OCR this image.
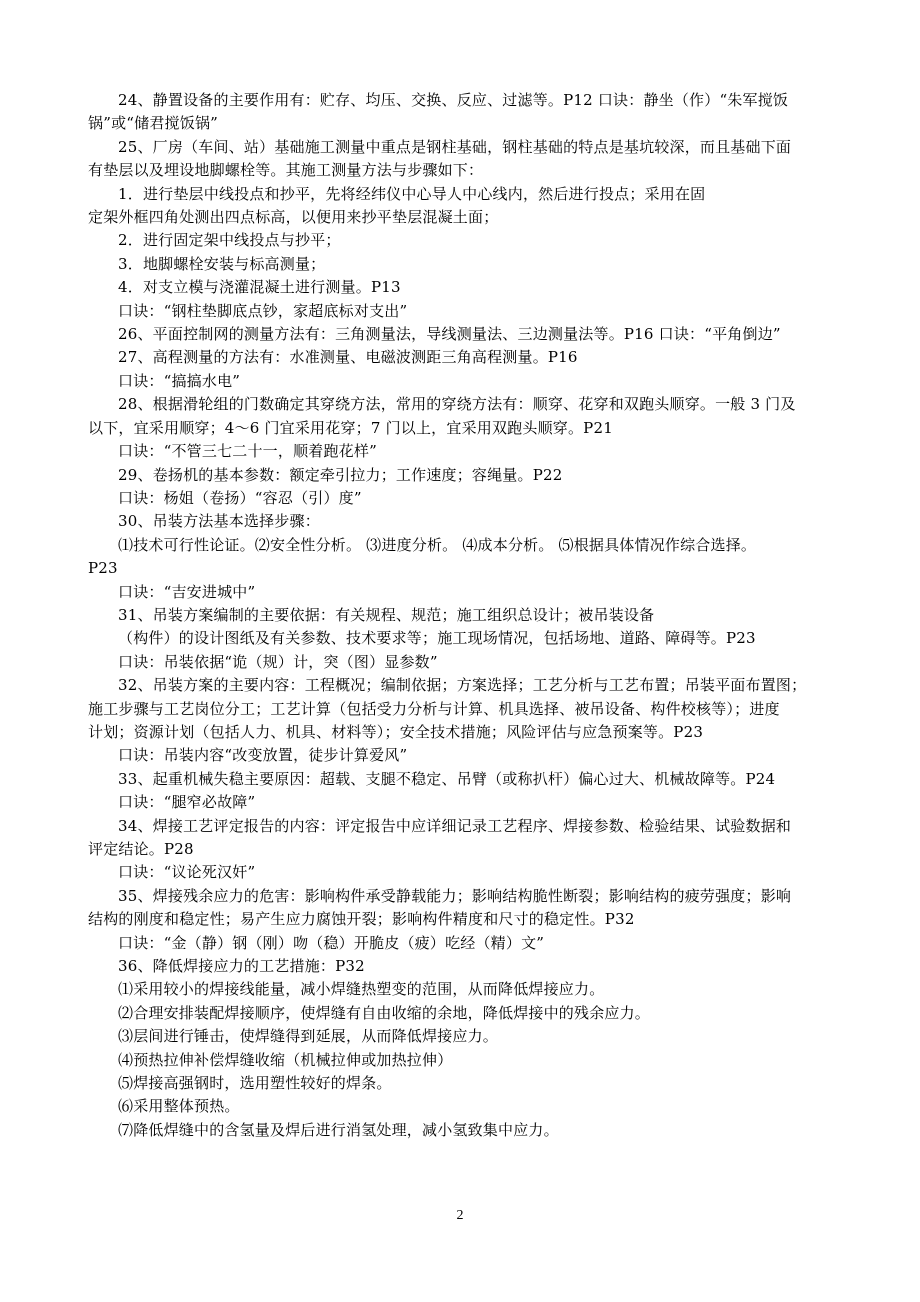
24、静置设备的主要作用有：贮存、均压、交换、反应、过滤等。P12 口诀：静坐（作）“朱军搅饭
锅”或“储君搅饭锅”
25、厂房（车间、站）基础施工测量中重点是钢柱基础，钢柱基础的特点是基坑较深，而且基础下面
有垫层以及埋设地脚螺栓等。其施工测量方法与步骤如下：
1．进行垫层中线投点和抄平，先将经纬仪中心导人中心线内，然后进行投点；采用在固
定架外框四角处测出四点标高，以便用来抄平垫层混凝土面；
2．进行固定架中线投点与抄平；
3．地脚螺栓安装与标高测量；
4．对支立模与浇灌混凝土进行测量。P13
口诀：“钢柱垫脚底点钞，家超底标对支出”
26、平面控制网的测量方法有：三角测量法，导线测量法、三边测量法等。P16 口诀：“平角倒边”
27、高程测量的方法有：水准测量、电磁波测距三角高程测量。P16
口诀：“搞搞水电”
28、根据滑轮组的门数确定其穿绕方法，常用的穿绕方法有：顺穿、花穿和双跑头顺穿。一般 3 门及
以下，宜采用顺穿；4～6 门宜采用花穿；7 门以上，宜采用双跑头顺穿。P21
口诀：“不管三七二十一，顺着跑花样”
29、卷扬机的基本参数：额定牵引拉力；工作速度；容绳量。P22
口诀：杨姐（卷扬）“容忍（引）度”
30、吊装方法基本选择步骤：
⑴技术可行性论证。⑵安全性分析。 ⑶进度分析。 ⑷成本分析。 ⑸根据具体情况作综合选择。
P23
口诀：“吉安进城中”
31、吊装方案编制的主要依据：有关规程、规范；施工组织总设计；被吊装设备
（构件）的设计图纸及有关参数、技术要求等；施工现场情况，包括场地、道路、障碍等。P23
口诀：吊装依据“诡（规）计，突（图）显参数”
32、吊装方案的主要内容：工程概况；编制依据；方案选择；工艺分析与工艺布置；吊装平面布置图；
施工步骤与工艺岗位分工；工艺计算（包括受力分析与计算、机具选择、被吊设备、构件校核等）；进度
计划；资源计划（包括人力、机具、材料等）；安全技术措施；风险评估与应急预案等。P23
口诀：吊装内容“改变放置，徒步计算爱风”
33、起重机械失稳主要原因：超载、支腿不稳定、吊臂（或称扒杆）偏心过大、机械故障等。P24
口诀：“腿窄必故障”
34、焊接工艺评定报告的内容：评定报告中应详细记录工艺程序、焊接参数、检验结果、试验数据和
评定结论。P28
口诀：“议论死汉奸”
35、焊接残余应力的危害：影响构件承受静载能力；影响结构脆性断裂；影响结构的疲劳强度；影响
结构的刚度和稳定性；易产生应力腐蚀开裂；影响构件精度和尺寸的稳定性。P32
口诀：“金（静）钢（刚）吻（稳）开脆皮（疲）吃经（精）文”
36、降低焊接应力的工艺措施：P32
⑴采用较小的焊接线能量，减小焊缝热塑变的范围，从而降低焊接应力。
⑵合理安排装配焊接顺序，使焊缝有自由收缩的余地，降低焊接中的残余应力。
⑶层间进行锤击，使焊缝得到延展，从而降低焊接应力。
⑷预热拉伸补偿焊缝收缩（机械拉伸或加热拉伸）
⑸焊接高强钢时，选用塑性较好的焊条。
⑹采用整体预热。
⑺降低焊缝中的含氢量及焊后进行消氢处理，减小氢致集中应力。
2
